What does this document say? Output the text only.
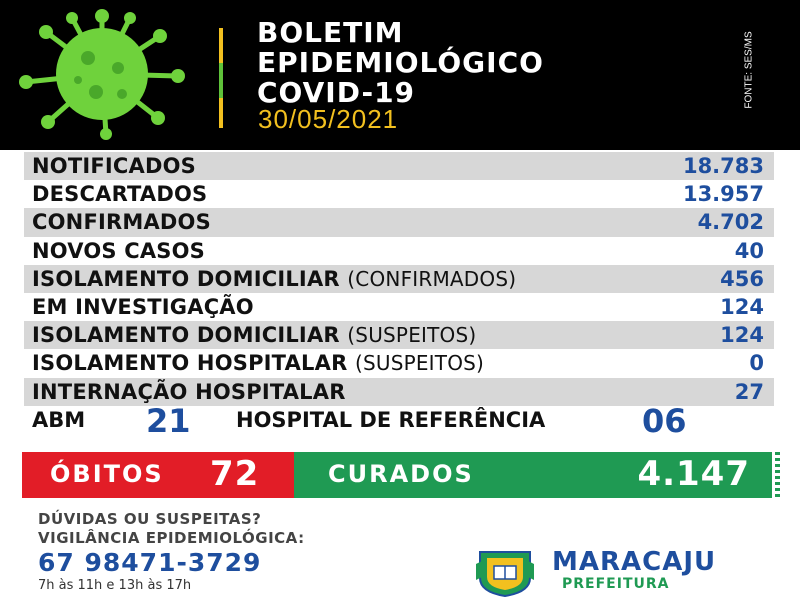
BOLETIM
EPIDEMIOLÓGICO
COVID-19
30/05/2021
FONTE: SES/MS
NOTIFICADOS	18.783
DESCARTADOS	13.957
CONFIRMADOS	4.702
NOVOS CASOS	40
ISOLAMENTO DOMICILIAR (CONFIRMADOS)	456
EM INVESTIGAÇÃO	124
ISOLAMENTO DOMICILIAR (SUSPEITOS)	124
ISOLAMENTO HOSPITALAR (SUSPEITOS)	0
INTERNAÇÃO HOSPITALAR	27
ABM 21 HOSPITAL DE REFERÊNCIA	06
ÓBITOS 72	CURADOS	4.147
DÚVIDAS OU SUSPEITAS?
VIGILÂNCIA EPIDEMIOLÓGICA:
67 98471-3729
7h às 11h e 13h às 17h
MARACAJU
PREFEITURA
